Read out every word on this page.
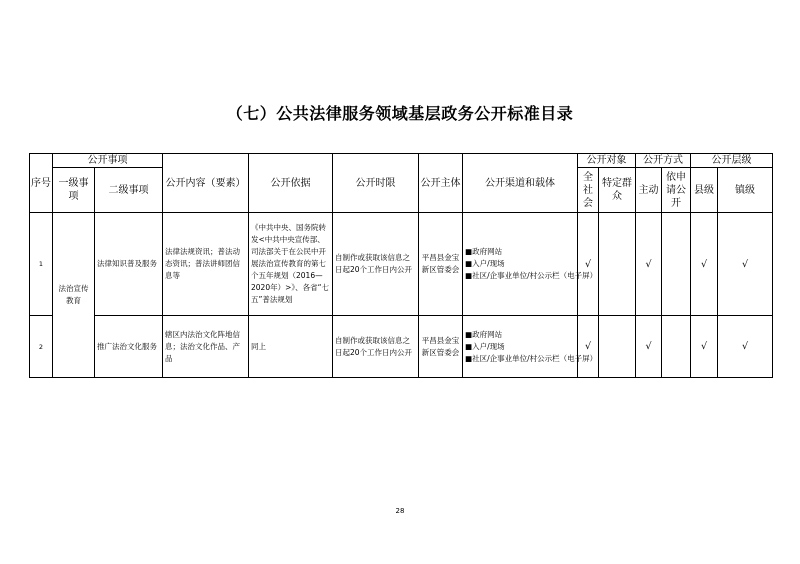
（七）公共法律服务领域基层政务公开标准目录
序号	公开事项		公开内容（要素）	公开依据	公开时限	公开主体	公开渠道和载体	公开对象		公开方式		公开层级	
	一级事项	二级事项						全社会	特定群众	主动	依申请公开	县级	镇级
1	法治宣传教育	法律知识普及服务	法律法规资讯；普法动态资讯；普法讲师团信息等	《中共中央、国务院转发<中共中央宣传部、司法部关于在公民中开展法治宣传教育的第七个五年规划（2016—2020年）>》、各省“七五”普法规划	自制作或获取该信息之日起20个工作日内公开	平昌县金宝新区管委会	■政府网站
■入户/现场
■社区/企事业单位/村公示栏（电子屏）	√		√		√	√
2		推广法治文化服务	辖区内法治文化阵地信息；法治文化作品、产品	同上	自制作或获取该信息之日起20个工作日内公开	平昌县金宝新区管委会	■政府网站
■入户/现场
■社区/企事业单位/村公示栏（电子屏）	√		√		√	√
28
